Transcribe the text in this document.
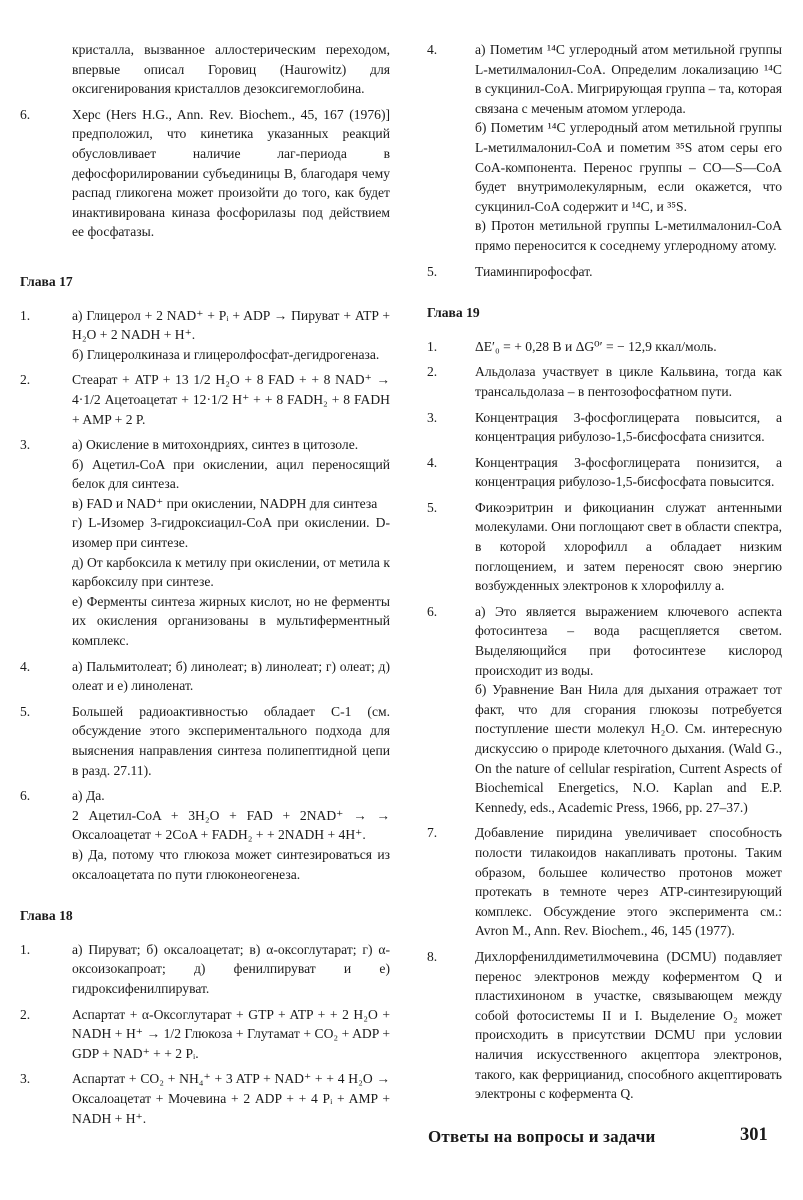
кристалла, вызванное аллостерическим переходом, впервые описал Горовиц (Haurowitz) для оксигенирования кристаллов дезоксигемоглобина.

6.	Херс (Hers H.G., Ann. Rev. Biochem., 45, 167 (1976)] предположил, что кинетика указанных реакций обусловливает наличие лаг-периода в дефосфорилировании субъединицы B, благодаря чему распад гликогена может произойти до того, как будет инактивирована киназа фосфорилазы под действием ее фосфатазы.

Глава 17
1.	а) Глицерол + 2 NAD⁺ + Pᵢ + ADP → Пируват + ATP + H₂O + 2 NADH + H⁺.

б) Глицеролкиназа и глицеролфосфат-дегидрогеназа.

2.	Стеарат + ATP + 13 1/2 H₂O + 8 FAD + + 8 NAD⁺ → 4·1/2 Ацетоацетат + 12·1/2 H⁺ + + 8 FADH₂ + 8 FADH + AMP + 2 P.

3.	а) Окисление в митохондриях, синтез в цитозоле.

б) Ацетил-CoA при окислении, ацил переносящий белок для синтеза.

в) FAD и NAD⁺ при окислении, NADPH для синтеза

г) L-Изомер 3-гидроксиацил-CoA при окислении. D-изомер при синтезе.

д) От карбоксила к метилу при окислении, от метила к карбоксилу при синтезе.

е) Ферменты синтеза жирных кислот, но не ферменты их окисления организованы в мультиферментный комплекс.

4.	а) Пальмитолеат; б) линолеат; в) линолеат; г) олеат; д) олеат и е) линоленат.

5.	Большей радиоактивностью обладает C-1 (см. обсуждение этого экспериментального подхода для выяснения направления синтеза полипептидной цепи в разд. 27.11).

6.	а) Да.

2 Ацетил-CoA + 3H₂O + FAD + 2NAD⁺ → → Оксалоацетат + 2CoA + FADH₂ + + 2NADH + 4H⁺.

в) Да, потому что глюкоза может синтезироваться из оксалоацетата по пути глюконеогенеза.

Глава 18
1.	а) Пируват; б) оксалоацетат; в) α-оксоглутарат; г) α-оксоизокапроат; д) фенилпируват и е) гидроксифенилпируват.

2.	Аспартат + α-Оксоглутарат + GTP + ATP + + 2 H₂O + NADH + H⁺ → 1/2 Глюкоза + Глутамат + CO₂ + ADP + GDP + NAD⁺ + + 2 Pᵢ.

3.	Аспартат + CO₂ + NH₄⁺ + 3 ATP + NAD⁺ + + 4 H₂O → Оксалоацетат + Мочевина + 2 ADP + + 4 Pᵢ + AMP + NADH + H⁺.

4.	а) Пометим ¹⁴C углеродный атом метильной группы L-метилмалонил-CoA. Определим локализацию ¹⁴C в сукцинил-CoA. Мигрирующая группа – та, которая связана с меченым атомом углерода.

б) Пометим ¹⁴C углеродный атом метильной группы L-метилмалонил-CoA и пометим ³⁵S атом серы его CoA-компонента. Перенос группы – CO—S—CoA будет внутримолекулярным, если окажется, что сукцинил-CoA содержит и ¹⁴C, и ³⁵S.

в) Протон метильной группы L-метилмалонил-CoA прямо переносится к соседнему углеродному атому.

5.	Тиаминпирофосфат.

Глава 19
1.	ΔE′₀ = + 0,28 В и ΔG⁰′ = − 12,9 ккал/моль.

2.	Альдолаза участвует в цикле Кальвина, тогда как трансальдолаза – в пентозофосфатном пути.

3.	Концентрация 3-фосфоглицерата повысится, а концентрация рибулозо-1,5-бисфосфата снизится.

4.	Концентрация 3-фосфоглицерата понизится, а концентрация рибулозо-1,5-бисфосфата повысится.

5.	Фикоэритрин и фикоцианин служат антенными молекулами. Они поглощают свет в области спектра, в которой хлорофилл a обладает низким поглощением, и затем переносят свою энергию возбужденных электронов к хлорофиллу a.

6.	а) Это является выражением ключевого аспекта фотосинтеза – вода расщепляется светом. Выделяющийся при фотосинтезе кислород происходит из воды.

б) Уравнение Ван Нила для дыхания отражает тот факт, что для сгорания глюкозы потребуется поступление шести молекул H₂O. См. интересную дискуссию о природе клеточного дыхания. (Wald G., On the nature of cellular respiration, Current Aspects of Biochemical Energetics, N.O. Kaplan and E.P. Kennedy, eds., Academic Press, 1966, pp. 27–37.)

7.	Добавление пиридина увеличивает способность полости тилакоидов накапливать протоны. Таким образом, большее количество протонов может протекать в темноте через ATP-синтезирующий комплекс. Обсуждение этого эксперимента см.: Avron M., Ann. Rev. Biochem., 46, 145 (1977).

8.	Дихлорфенилдиметилмочевина (DCMU) подавляет перенос электронов между коферментом Q и пластихиноном в участке, связывающем между собой фотосистемы II и I. Выделение O₂ может происходить в присутствии DCMU при условии наличия искусственного акцептора электронов, такого, как феррицианид, способного акцептировать электроны с кофермента Q.

Ответы на вопросы и задачи	301
